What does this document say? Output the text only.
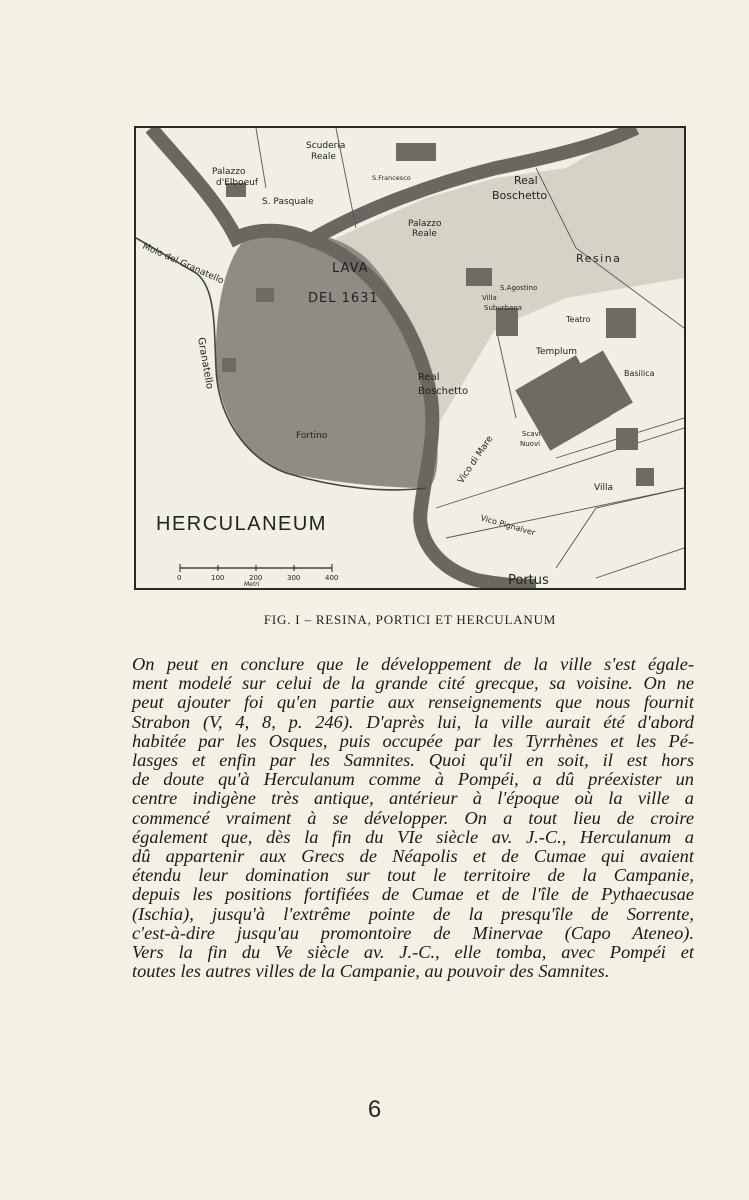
Scuderia
Reale
Palazzo
d'Elboeuf
S. Pasquale
S.Francesco	Real
Boschetto
Palazzo
Reale
Resina
Molo del Granatello	LAVA
DEL 1631
S.Agostino
Villa
Suburbana
Teatro
Templum
Basilica
Granatello	Real
Boschetto
Vico di Mare
Scavi
Nuovi
Fortino
Villa
Vico Pignalver
Portus
HERCULANEUM
0	100	200	300	400
Metri
FIG. I – RESINA, PORTICI ET HERCULANUM
On peut en conclure que le développement de la ville s'est égale-
ment modelé sur celui de la grande cité grecque, sa voisine. On ne
peut ajouter foi qu'en partie aux renseignements que nous fournit
Strabon (V, 4, 8, p. 246). D'après lui, la ville aurait été d'abord
habitée par les Osques, puis occupée par les Tyrrhènes et les Pé-
lasges et enfin par les Samnites. Quoi qu'il en soit, il est hors
de doute qu'à Herculanum comme à Pompéi, a dû préexister un
centre indigène très antique, antérieur à l'époque où la ville a
commencé vraiment à se développer. On a tout lieu de croire
également que, dès la fin du VIe siècle av. J.-C., Herculanum a
dû appartenir aux Grecs de Néapolis et de Cumae qui avaient
étendu leur domination sur tout le territoire de la Campanie,
depuis les positions fortifiées de Cumae et de l'île de Pythaecusae
(Ischia), jusqu'à l'extrême pointe de la presqu'île de Sorrente,
c'est-à-dire jusqu'au promontoire de Minervae (Capo Ateneo).
Vers la fin du Ve siècle av. J.-C., elle tomba, avec Pompéi et
toutes les autres villes de la Campanie, au pouvoir des Samnites.
6
